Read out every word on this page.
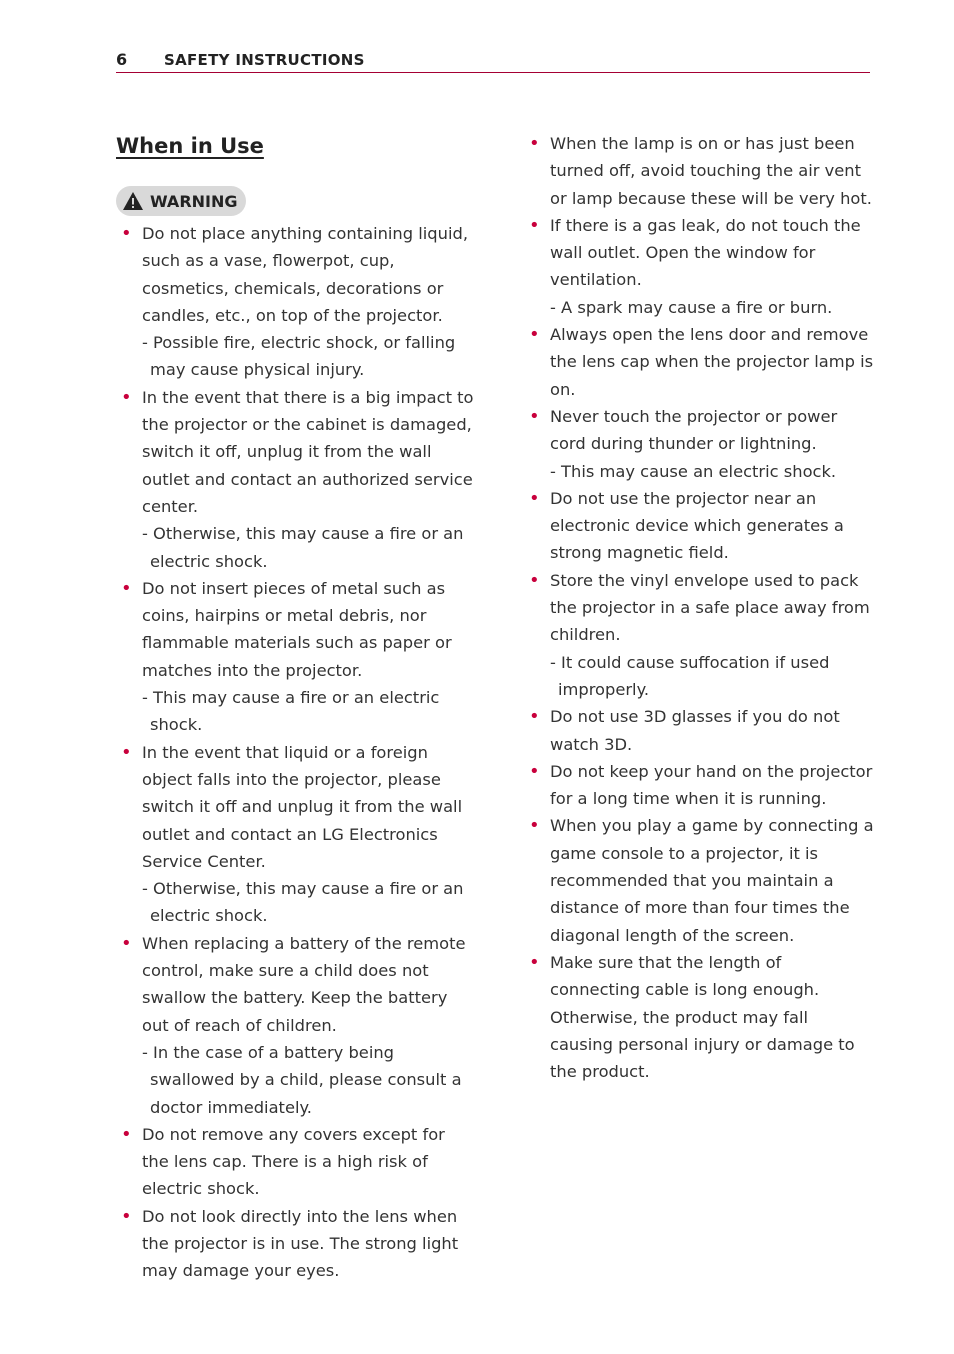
6 SAFETY INSTRUCTIONS
When in Use
WARNING
• Do not place anything containing liquid, such as a vase, flowerpot, cup, cosmetics, chemicals, decorations or candles, etc., on top of the projector.
- Possible fire, electric shock, or falling may cause physical injury.
• In the event that there is a big impact to the projector or the cabinet is damaged, switch it off, unplug it from the wall outlet and contact an authorized service center.
- Otherwise, this may cause a fire or an electric shock.
• Do not insert pieces of metal such as coins, hairpins or metal debris, nor flammable materials such as paper or matches into the projector.
- This may cause a fire or an electric shock.
• In the event that liquid or a foreign object falls into the projector, please switch it off and unplug it from the wall outlet and contact an LG Electronics Service Center.
- Otherwise, this may cause a fire or an electric shock.
• When replacing a battery of the remote control, make sure a child does not swallow the battery. Keep the battery out of reach of children.
- In the case of a battery being swallowed by a child, please consult a doctor immediately.
• Do not remove any covers except for the lens cap. There is a high risk of electric shock.
• Do not look directly into the lens when the projector is in use. The strong light may damage your eyes.
• When the lamp is on or has just been turned off, avoid touching the air vent or lamp because these will be very hot.
• If there is a gas leak, do not touch the wall outlet. Open the window for ventilation.
- A spark may cause a fire or burn.
• Always open the lens door and remove the lens cap when the projector lamp is on.
• Never touch the projector or power cord during thunder or lightning.
- This may cause an electric shock.
• Do not use the projector near an electronic device which generates a strong magnetic field.
• Store the vinyl envelope used to pack the projector in a safe place away from children.
- It could cause suffocation if used improperly.
• Do not use 3D glasses if you do not watch 3D.
• Do not keep your hand on the projector for a long time when it is running.
• When you play a game by connecting a game console to a projector, it is recommended that you maintain a distance of more than four times the diagonal length of the screen.
• Make sure that the length of connecting cable is long enough. Otherwise, the product may fall causing personal injury or damage to the product.
